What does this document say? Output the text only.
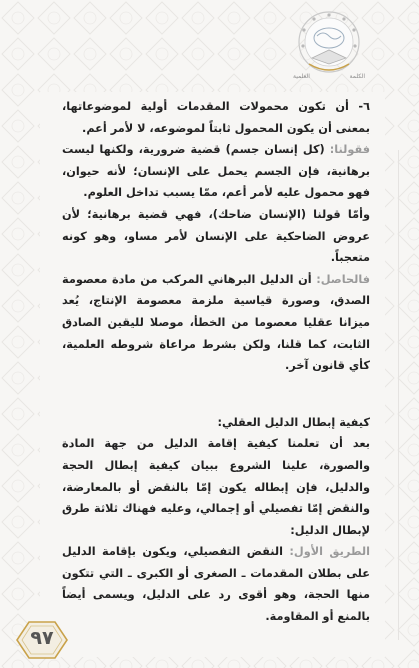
الكلمة
العلمية

٦- أن تكون محمولات المقدمات أولية لموضوعاتها، بمعنى أن يكون المحمول ثابتاً لموضوعه، لا لأمر أعم.

فقولنا: (كل إنسان جسم) قضية ضرورية، ولكنها ليست برهانية، فإن الجسم يحمل على الإنسان؛ لأنه حيوان، فهو محمول عليه لأمر أعم، ممّا يسبب تداخل العلوم.

وأمّا قولنا (الإنسان ضاحك)، فهي قضية برهانية؛ لأن عروض الضاحكية على الإنسان لأمر مساو، وهو كونه متعجباً.

فالحاصل: أن الدليل البرهاني المركب من مادة معصومة الصدق، وصورة قياسية ملزمة معصومة الإنتاج، يُعد ميزانا عقليا معصوما من الخطأ، موصلا لليقين الصادق الثابت، كما قلنا، ولكن بشرط مراعاة شروطه العلمية، كأي قانون آخر.

كيفية إبطال الدليل العقلي:

بعد أن تعلمنا كيفية إقامة الدليل من جهة المادة والصورة، علينا الشروع ببيان كيفية إبطال الحجة والدليل، فإن إبطاله يكون إمّا بالنقض أو بالمعارضة، والنقض إمّا تفصيلي أو إجمالي، وعليه فهناك ثلاثة طرق لإبطال الدليل:

الطريق الأول: النقض التفصيلي، ويكون بإقامة الدليل على بطلان المقدمات ـ الصغرى أو الكبرى ـ التي تتكون منها الحجة، وهو أقوى رد على الدليل، ويسمى أيضاً بالمنع أو المقاومة.

٩٧
